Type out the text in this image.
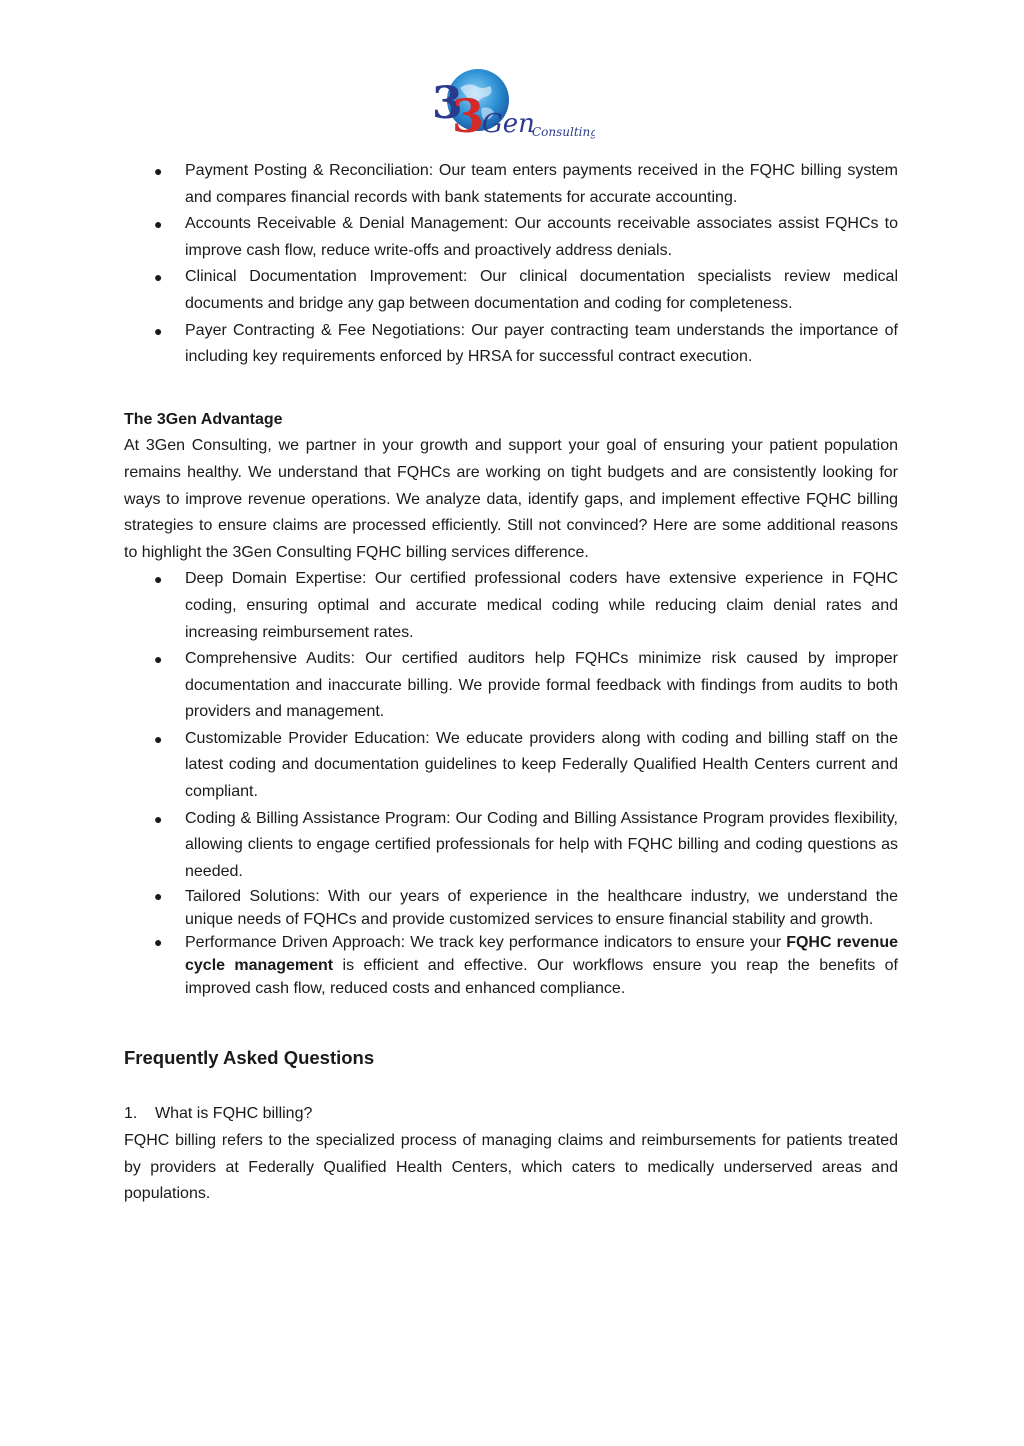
3
3
Gen
Consulting
● Payment Posting & Reconciliation: Our team enters payments received in the FQHC billing system and compares financial records with bank statements for accurate accounting.
● Accounts Receivable & Denial Management: Our accounts receivable associates assist FQHCs to improve cash flow, reduce write-offs and proactively address denials.
● Clinical Documentation Improvement: Our clinical documentation specialists review medical documents and bridge any gap between documentation and coding for completeness.
● Payer Contracting & Fee Negotiations: Our payer contracting team understands the importance of including key requirements enforced by HRSA for successful contract execution.

The 3Gen Advantage

At 3Gen Consulting, we partner in your growth and support your goal of ensuring your patient population remains healthy. We understand that FQHCs are working on tight budgets and are consistently looking for ways to improve revenue operations. We analyze data, identify gaps, and implement effective FQHC billing strategies to ensure claims are processed efficiently. Still not convinced? Here are some additional reasons to highlight the 3Gen Consulting FQHC billing services difference.

● Deep Domain Expertise: Our certified professional coders have extensive experience in FQHC coding, ensuring optimal and accurate medical coding while reducing claim denial rates and increasing reimbursement rates.
● Comprehensive Audits: Our certified auditors help FQHCs minimize risk caused by improper documentation and inaccurate billing. We provide formal feedback with findings from audits to both providers and management.
● Customizable Provider Education: We educate providers along with coding and billing staff on the latest coding and documentation guidelines to keep Federally Qualified Health Centers current and compliant.
● Coding & Billing Assistance Program: Our Coding and Billing Assistance Program provides flexibility, allowing clients to engage certified professionals for help with FQHC billing and coding questions as needed.
● Tailored Solutions: With our years of experience in the healthcare industry, we understand the unique needs of FQHCs and provide customized services to ensure financial stability and growth.
● Performance Driven Approach: We track key performance indicators to ensure your FQHC revenue cycle management is efficient and effective. Our workflows ensure you reap the benefits of improved cash flow, reduced costs and enhanced compliance.

Frequently Asked Questions

1. What is FQHC billing?

FQHC billing refers to the specialized process of managing claims and reimbursements for patients treated by providers at Federally Qualified Health Centers, which caters to medically underserved areas and populations.
